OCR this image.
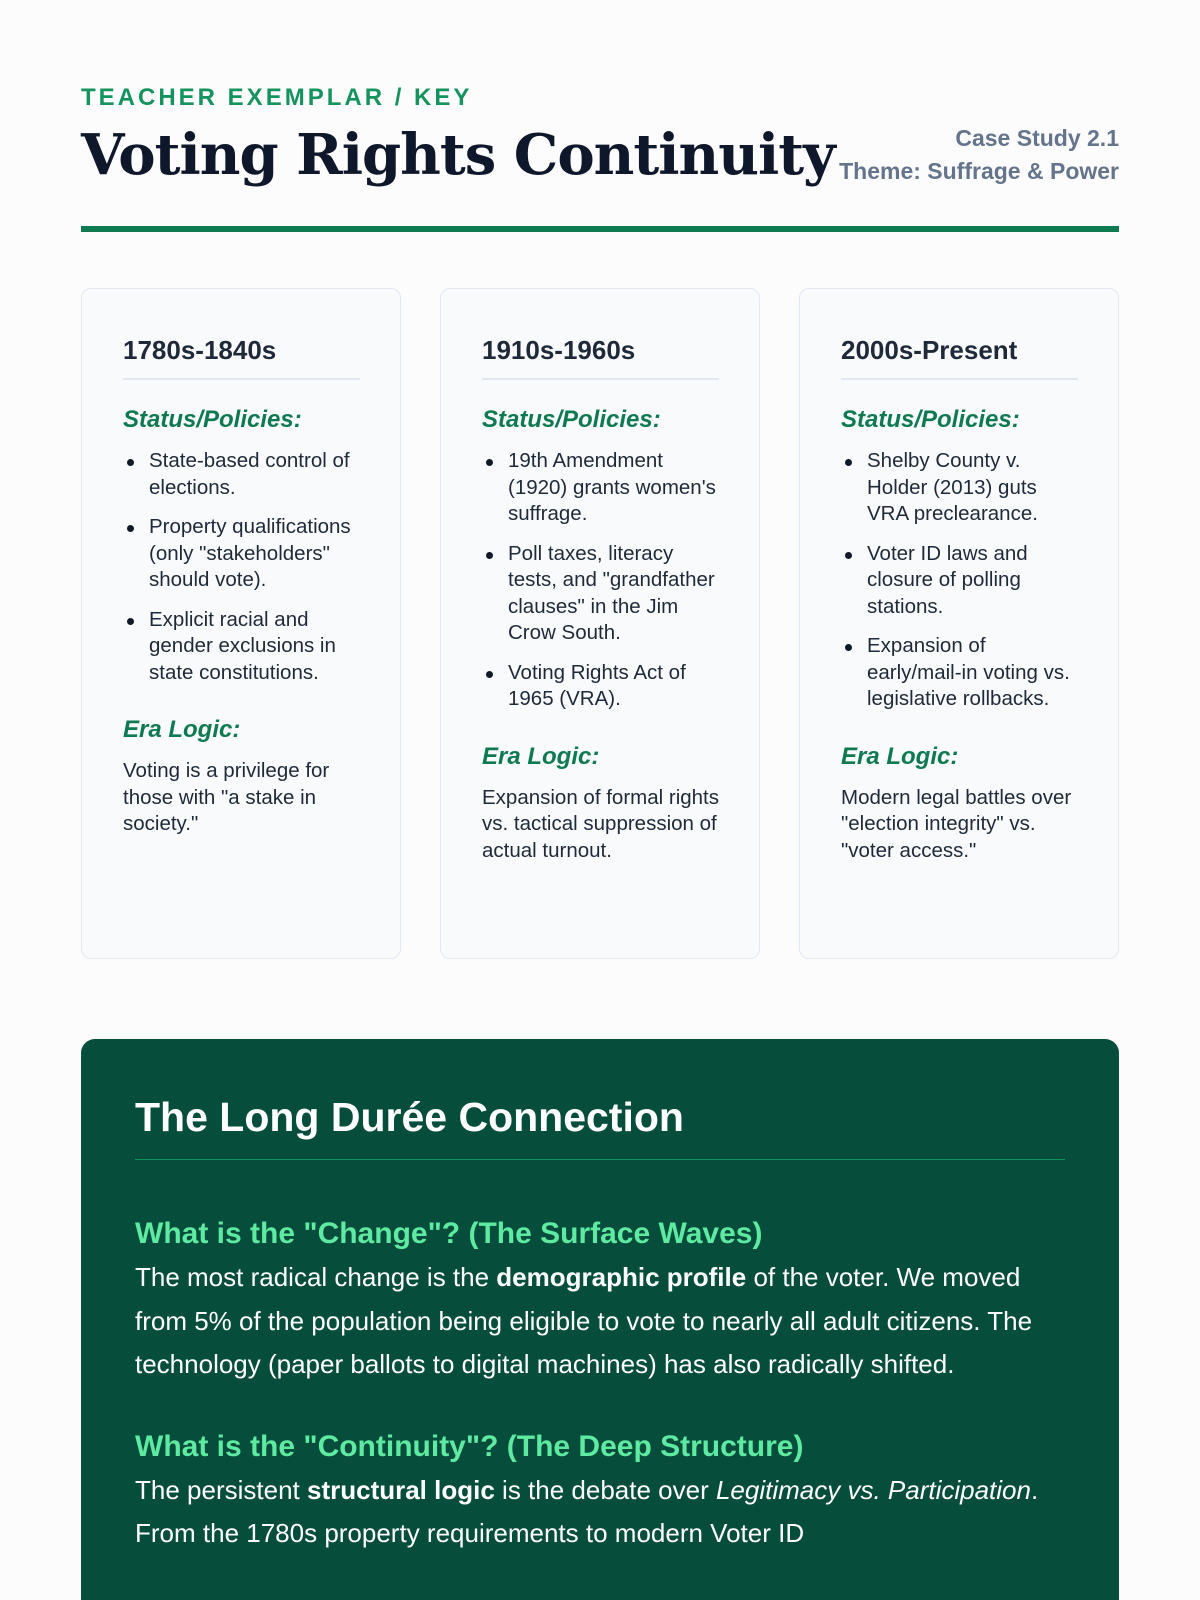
TEACHER EXEMPLAR / KEY

Voting Rights Continuity	Case Study 2.1
Theme: Suffrage & Power
1780s-1840s
Status/Policies:
State-based control of elections.
Property qualifications (only "stakeholders" should vote).
Explicit racial and gender exclusions in state constitutions.
Era Logic:

Voting is a privilege for those with "a stake in society."

1910s-1960s
Status/Policies:
19th Amendment (1920) grants women's suffrage.
Poll taxes, literacy tests, and "grandfather clauses" in the Jim Crow South.
Voting Rights Act of 1965 (VRA).
Era Logic:

Expansion of formal rights vs. tactical suppression of actual turnout.

2000s-Present
Status/Policies:
Shelby County v. Holder (2013) guts VRA preclearance.
Voter ID laws and closure of polling stations.
Expansion of early/mail-in voting vs. legislative rollbacks.
Era Logic:

Modern legal battles over "election integrity" vs. "voter access."

The Long Durée Connection
What is the "Change"? (The Surface Waves)

The most radical change is the demographic profile of the voter. We moved from 5% of the population being eligible to vote to nearly all adult citizens. The technology (paper ballots to digital machines) has also radically shifted.

What is the "Continuity"? (The Deep Structure)

The persistent structural logic is the debate over Legitimacy vs. Participation. From the 1780s property requirements to modern Voter ID
